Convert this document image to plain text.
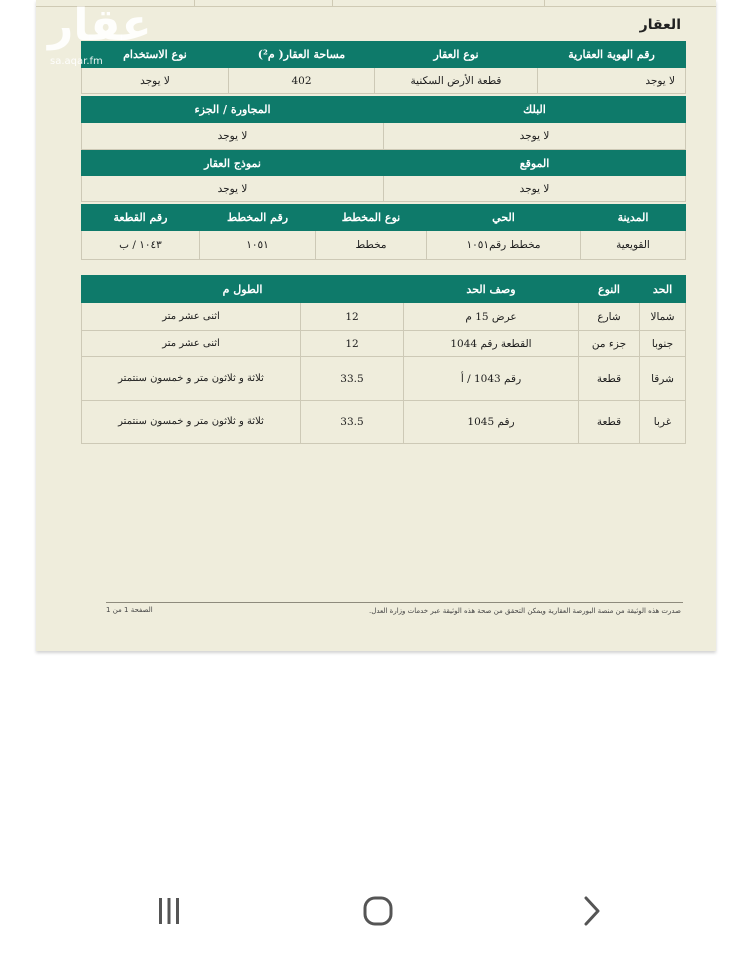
العقار
رقم الهوية العقارية	نوع العقار	مساحة العقار( م²)	نوع الاستخدام
لا يوجد	قطعة الأرض السكنية	402	لا يوجد
البلك	المجاورة / الجزء
لا يوجد	لا يوجد
الموقع	نموذج العقار
لا يوجد	لا يوجد
المدينة	الحي	نوع المخطط	رقم المخطط	رقم القطعة
القويعية	مخطط رقم١٠٥١	مخطط	١٠٥١	١٠٤٣ / ب
الحد	النوع	وصف الحد	الطول م	
شمالا	شارع	عرض 15 م	12	اثنى عشر متر
جنوبا	جزء من	القطعة رقم 1044	12	اثنى عشر متر
شرقا	قطعة	رقم 1043 / أ	33.5	ثلاثة و ثلاثون متر و خمسون سنتمتر
غربا	قطعة	رقم 1045	33.5	ثلاثة و ثلاثون متر و خمسون سنتمتر
صدرت هذه الوثيقة من منصة البورصة العقارية ويمكن التحقق من صحة هذه الوثيقة عبر خدمات وزارة العدل.
الصفحة 1 من 1
عقار
sa.aqar.fm
